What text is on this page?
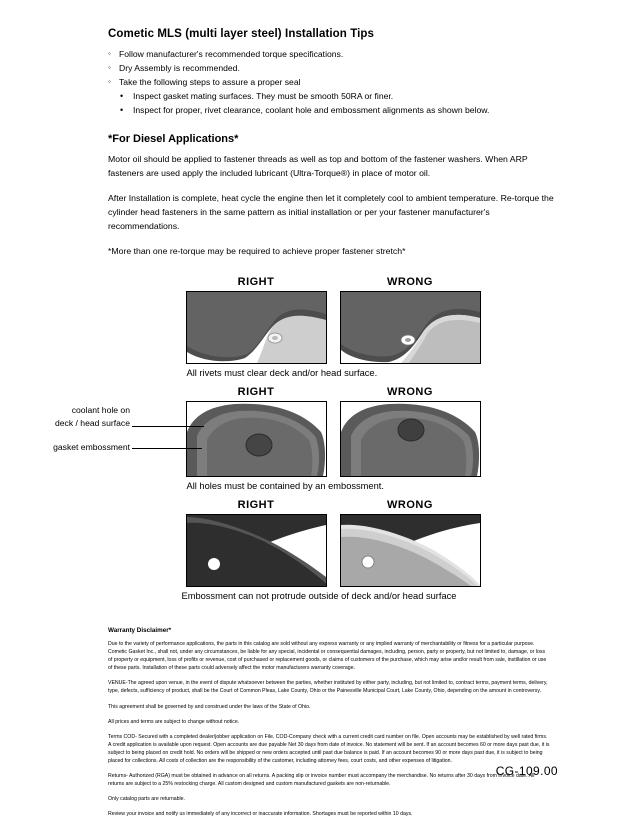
Cometic MLS (multi layer steel) Installation Tips
◦ Follow manufacturer's recommended torque specifications.
◦ Dry Assembly is recommended.
◦ Take the following steps to assure a proper seal
• Inspect gasket mating surfaces. They must be smooth 50RA or finer.
• Inspect for proper, rivet clearance, coolant hole and embossment alignments as shown below.
*For Diesel Applications*

Motor oil should be applied to fastener threads as well as top and bottom of the fastener washers. When ARP fasteners are used apply the included lubricant (Ultra-Torque®) in place of motor oil.

After Installation is complete, heat cycle the engine then let it completely cool to ambient temperature. Re-torque the cylinder head fasteners in the same pattern as initial installation or per your fastener manufacturer's recommendations.

*More than one re-torque may be required to achieve proper fastener stretch*

RIGHT	WRONG

All rivets must clear deck and/or head surface.

RIGHT	WRONG
coolant hole on
deck / head surface
gasket embossment

All holes must be contained by an embossment.

RIGHT	WRONG

Embossment can not protrude outside of deck and/or head surface

Warranty Disclaimer*

Due to the variety of performance applications, the parts in this catalog are sold without any express warranty or any implied warranty of merchantability or fitness for a particular purpose. Cometic Gasket Inc., shall not, under any circumstances, be liable for any special, incidental or consequential damages, including, person, party or property, but not limited to, damage, or loss of property or equipment, loss of profits or revenue, cost of purchased or replacement goods, or claims of customers of the purchase, which may arise and/or result from sale, instillation or use of these parts. Installation of these parts could adversely affect the motor manufacturers warranty coverage.

VENUE-The agreed upon venue, in the event of dispute whatsoever between the parties, whether instituted by either party, including, but not limited to, contract terms, payment terms, delivery, type, defects, sufficiency of product, shall be the Court of Common Pleas, Lake County, Ohio or the Painesville Municipal Court, Lake County, Ohio, depending on the amount in controversy.

This agreement shall be governed by and construed under the laws of the State of Ohio.

All prices and terms are subject to change without notice.

Terms COD- Secured with a completed dealer/jobber application on File, COD-Company check with a current credit card number on file. Open accounts may be established by well rated firms. A credit application is available upon request. Open accounts are due payable Net 30 days from date of invoice. No statement will be sent. If an account becomes 60 or more days past due, it is subject to being placed on credit hold. No orders will be shipped or new orders accepted until past due balance is paid. If an account becomes 90 or more days past due, it is subject to being placed for collections. All costs of collection are the responsibility of the customer, including attorney fees, court costs, and other expenses of litigation.

Returns- Authorized (RGA) must be obtained in advance on all returns. A packing slip or invoice number must accompany the merchandise. No returns after 30 days from invoice date. All returns are subject to a 25% restocking charge. All custom designed and custom manufactured gaskets are non-returnable.

Only catalog parts are returnable.

Review your invoice and notify us immediately of any incorrect or inaccurate information. Shortages must be reported within 10 days.

CG-109.00
